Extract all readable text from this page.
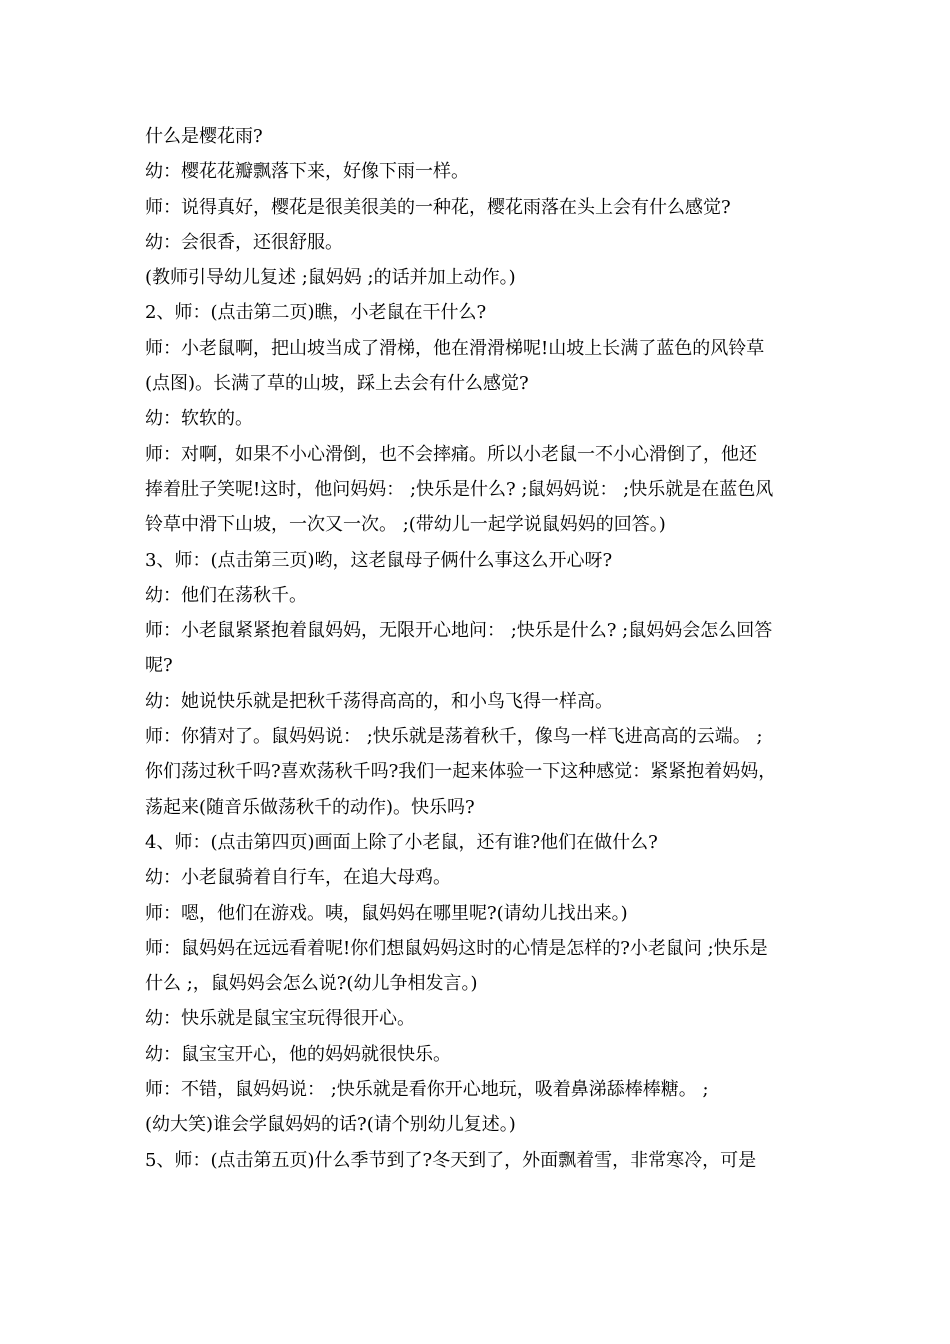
什么是樱花雨?
幼：樱花花瓣飘落下来，好像下雨一样。
师：说得真好，樱花是很美很美的一种花，樱花雨落在头上会有什么感觉?
幼：会很香，还很舒服。
(教师引导幼儿复述 ;鼠妈妈 ;的话并加上动作。)
2、师：(点击第二页)瞧，小老鼠在干什么?
师：小老鼠啊，把山坡当成了滑梯，他在滑滑梯呢!山坡上长满了蓝色的风铃草
(点图)。长满了草的山坡，踩上去会有什么感觉?
幼：软软的。
师：对啊，如果不小心滑倒，也不会摔痛。所以小老鼠一不小心滑倒了，他还
捧着肚子笑呢!这时，他问妈妈： ;快乐是什么? ;鼠妈妈说： ;快乐就是在蓝色风
铃草中滑下山坡，一次又一次。 ;(带幼儿一起学说鼠妈妈的回答。)
3、师：(点击第三页)哟，这老鼠母子俩什么事这么开心呀?
幼：他们在荡秋千。
师：小老鼠紧紧抱着鼠妈妈，无限开心地问： ;快乐是什么? ;鼠妈妈会怎么回答
呢?
幼：她说快乐就是把秋千荡得高高的，和小鸟飞得一样高。
师：你猜对了。鼠妈妈说： ;快乐就是荡着秋千，像鸟一样飞进高高的云端。 ;
你们荡过秋千吗?喜欢荡秋千吗?我们一起来体验一下这种感觉：紧紧抱着妈妈，
荡起来(随音乐做荡秋千的动作)。快乐吗?
4、师：(点击第四页)画面上除了小老鼠，还有谁?他们在做什么?
幼：小老鼠骑着自行车，在追大母鸡。
师：嗯，他们在游戏。咦，鼠妈妈在哪里呢?(请幼儿找出来。)
师：鼠妈妈在远远看着呢!你们想鼠妈妈这时的心情是怎样的?小老鼠问 ;快乐是
什么 ;，鼠妈妈会怎么说?(幼儿争相发言。)
幼：快乐就是鼠宝宝玩得很开心。
幼：鼠宝宝开心，他的妈妈就很快乐。
师：不错，鼠妈妈说： ;快乐就是看你开心地玩，吸着鼻涕舔棒棒糖。 ;
(幼大笑)谁会学鼠妈妈的话?(请个别幼儿复述。)
5、师：(点击第五页)什么季节到了?冬天到了，外面飘着雪，非常寒冷，可是
